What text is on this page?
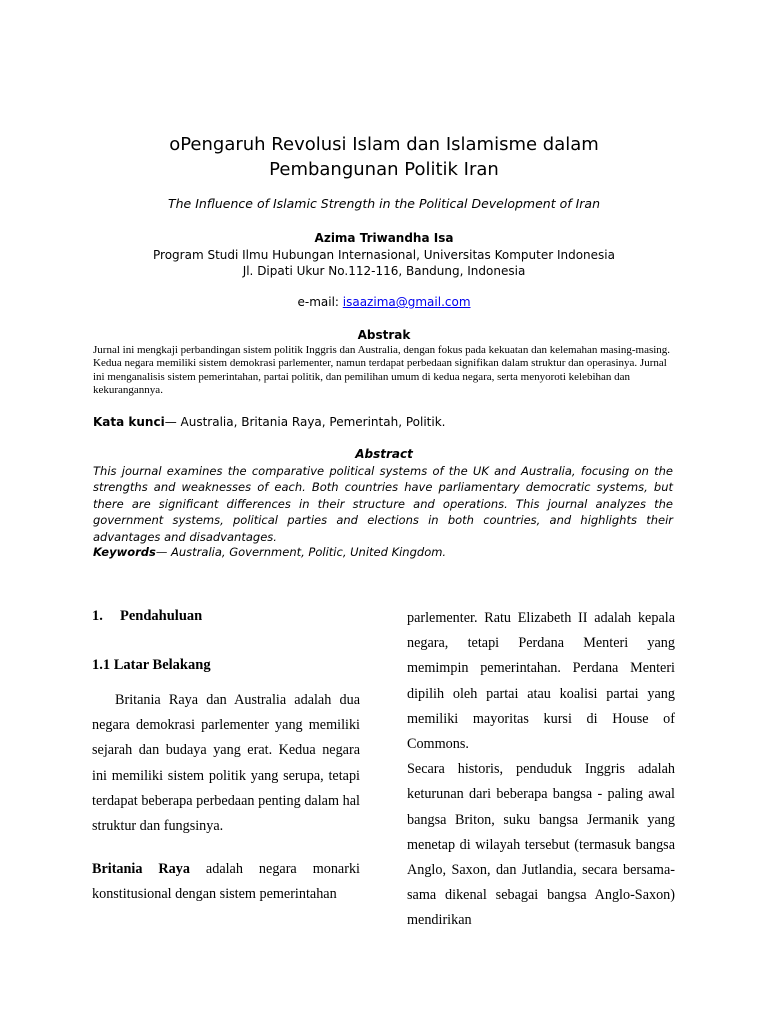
oPengaruh Revolusi Islam dan Islamisme dalam
Pembangunan Politik Iran
The Influence of Islamic Strength in the Political Development of Iran
Azima Triwandha Isa
Program Studi Ilmu Hubungan Internasional, Universitas Komputer Indonesia
Jl. Dipati Ukur No.112-116, Bandung, Indonesia
e-mail: isaazima@gmail.com
Abstrak
Jurnal ini mengkaji perbandingan sistem politik Inggris dan Australia, dengan fokus pada kekuatan dan kelemahan masing-masing. Kedua negara memiliki sistem demokrasi parlementer, namun terdapat perbedaan signifikan dalam struktur dan operasinya. Jurnal ini menganalisis sistem pemerintahan, partai politik, dan pemilihan umum di kedua negara, serta menyoroti kelebihan dan kekurangannya.
Kata kunci— Australia, Britania Raya, Pemerintah, Politik.
Abstract
This journal examines the comparative political systems of the UK and Australia, focusing on the strengths and weaknesses of each. Both countries have parliamentary democratic systems, but there are significant differences in their structure and operations. This journal analyzes the government systems, political parties and elections in both countries, and highlights their advantages and disadvantages.
Keywords— Australia, Government, Politic, United Kingdom.
1. Pendahuluan
1.1 Latar Belakang
Britania Raya dan Australia adalah dua negara demokrasi parlementer yang memiliki sejarah dan budaya yang erat. Kedua negara ini memiliki sistem politik yang serupa, tetapi terdapat beberapa perbedaan penting dalam hal struktur dan fungsinya.
Britania Raya adalah negara monarki konstitusional dengan sistem pemerintahan

parlementer. Ratu Elizabeth II adalah kepala negara, tetapi Perdana Menteri yang memimpin pemerintahan. Perdana Menteri dipilih oleh partai atau koalisi partai yang memiliki mayoritas kursi di House of Commons.

Secara historis, penduduk Inggris adalah keturunan dari beberapa bangsa - paling awal bangsa Briton, suku bangsa Jermanik yang menetap di wilayah tersebut (termasuk bangsa Anglo, Saxon, dan Jutlandia, secara bersama-sama dikenal sebagai bangsa Anglo-Saxon) mendirikan
